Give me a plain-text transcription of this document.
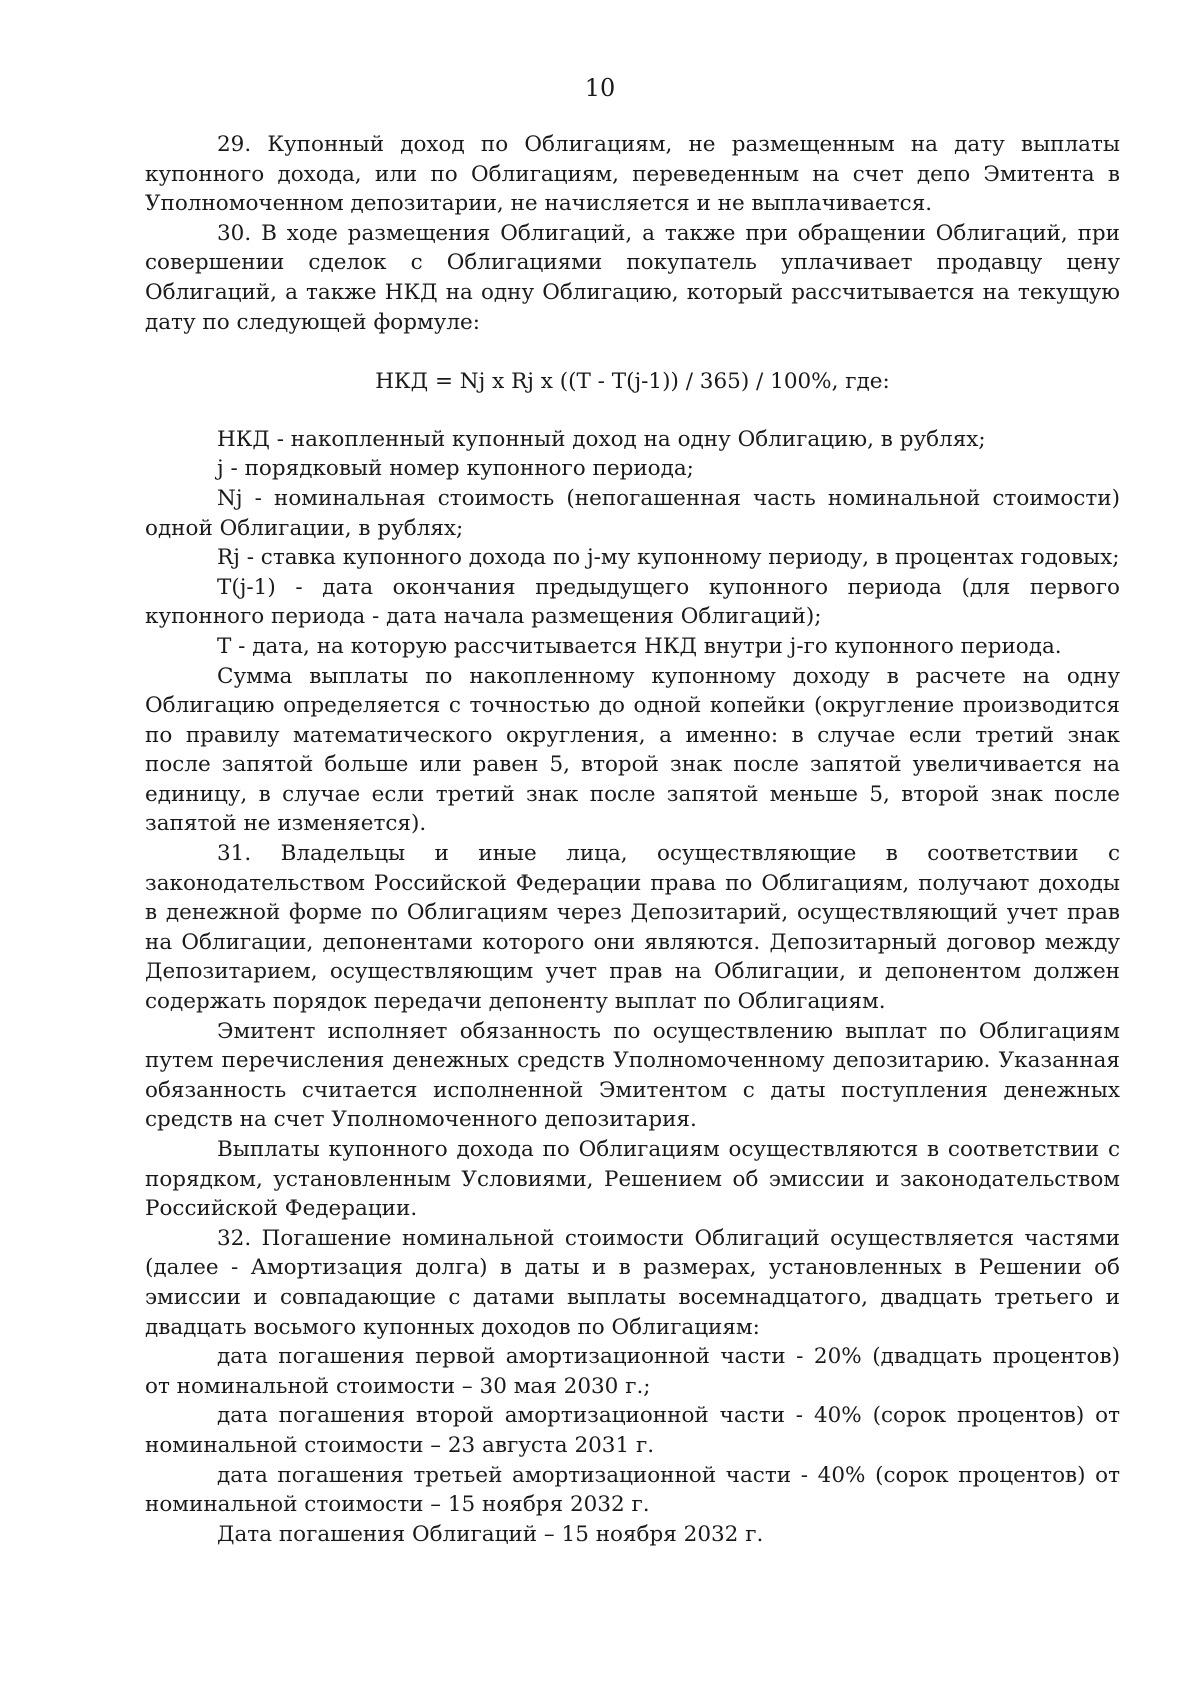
10

29. Купонный доход по Облигациям, не размещенным на дату выплаты купонного дохода, или по Облигациям, переведенным на счет депо Эмитента в Уполномоченном депозитарии, не начисляется и не выплачивается.

30. В ходе размещения Облигаций, а также при обращении Облигаций, при совершении сделок с Облигациями покупатель уплачивает продавцу цену Облигаций, а также НКД на одну Облигацию, который рассчитывается на текущую дату по следующей формуле:

НКД = Nj x Rj x ((T - T(j-1)) / 365) / 100%, где:

НКД - накопленный купонный доход на одну Облигацию, в рублях;

j - порядковый номер купонного периода;

Nj - номинальная стоимость (непогашенная часть номинальной стоимости) одной Облигации, в рублях;

Rj - ставка купонного дохода по j-му купонному периоду, в процентах годовых;

T(j-1) - дата окончания предыдущего купонного периода (для первого купонного периода - дата начала размещения Облигаций);

T - дата, на которую рассчитывается НКД внутри j-го купонного периода.

Сумма выплаты по накопленному купонному доходу в расчете на одну Облигацию определяется с точностью до одной копейки (округление производится по правилу математического округления, а именно: в случае если третий знак после запятой больше или равен 5, второй знак после запятой увеличивается на единицу, в случае если третий знак после запятой меньше 5, второй знак после запятой не изменяется).

31. Владельцы и иные лица, осуществляющие в соответствии с законодательством Российской Федерации права по Облигациям, получают доходы в денежной форме по Облигациям через Депозитарий, осуществляющий учет прав на Облигации, депонентами которого они являются. Депозитарный договор между Депозитарием, осуществляющим учет прав на Облигации, и депонентом должен содержать порядок передачи депоненту выплат по Облигациям.

Эмитент исполняет обязанность по осуществлению выплат по Облигациям путем перечисления денежных средств Уполномоченному депозитарию. Указанная обязанность считается исполненной Эмитентом с даты поступления денежных средств на счет Уполномоченного депозитария.

Выплаты купонного дохода по Облигациям осуществляются в соответствии с порядком, установленным Условиями, Решением об эмиссии и законодательством Российской Федерации.

32. Погашение номинальной стоимости Облигаций осуществляется частями (далее - Амортизация долга) в даты и в размерах, установленных в Решении об эмиссии и совпадающие с датами выплаты восемнадцатого, двадцать третьего и двадцать восьмого купонных доходов по Облигациям:

дата погашения первой амортизационной части - 20% (двадцать процентов) от номинальной стоимости – 30 мая 2030 г.;

дата погашения второй амортизационной части - 40% (сорок процентов) от номинальной стоимости – 23 августа 2031 г.

дата погашения третьей амортизационной части - 40% (сорок процентов) от номинальной стоимости – 15 ноября 2032 г.

Дата погашения Облигаций – 15 ноября 2032 г.
